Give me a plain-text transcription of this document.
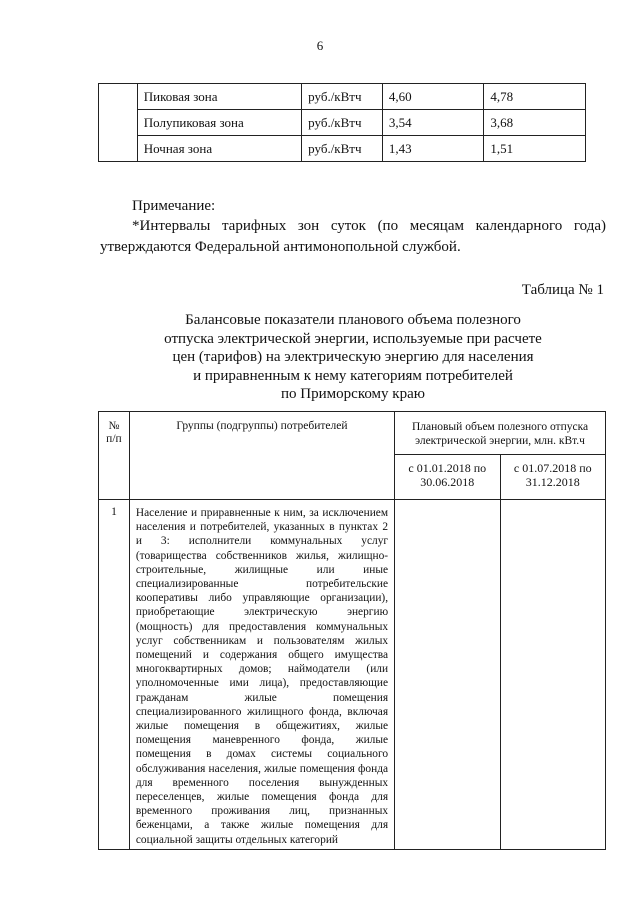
6
	Пиковая зона	руб./кВтч	4,60	4,78
	Полупиковая зона	руб./кВтч	3,54	3,68
	Ночная зона	руб./кВтч	1,43	1,51
Примечание:
*Интервалы тарифных зон суток (по месяцам календарного года) утверждаются Федеральной антимонопольной службой.
Таблица № 1
Балансовые показатели планового объема полезного
отпуска электрической энергии, используемые при расчете
цен (тарифов) на электрическую энергию для населения
и приравненным к нему категориям потребителей
по Приморскому краю
№ п/п	Группы (подгруппы) потребителей	Плановый объем полезного отпуска электрической энергии, млн. кВт.ч	
		с 01.01.2018 по 30.06.2018	с 01.07.2018 по 31.12.2018
1	Население и приравненные к ним, за исключением населения и потребителей, указанных в пунктах 2 и 3: исполнители коммунальных услуг (товарищества собственников жилья, жилищно-строительные, жилищные или иные специализированные потребительские кооперативы либо управляющие организации), приобретающие электрическую энергию (мощность) для предоставления коммунальных услуг собственникам и пользователям жилых помещений и содержания общего имущества многоквартирных домов; наймодатели (или уполномоченные ими лица), предоставляющие гражданам жилые помещения специализированного жилищного фонда, включая жилые помещения в общежитиях, жилые помещения маневренного фонда, жилые помещения в домах системы социального обслуживания населения, жилые помещения фонда для временного поселения вынужденных переселенцев, жилые помещения фонда для временного проживания лиц, признанных беженцами, а также жилые помещения для социальной защиты отдельных категорий		
